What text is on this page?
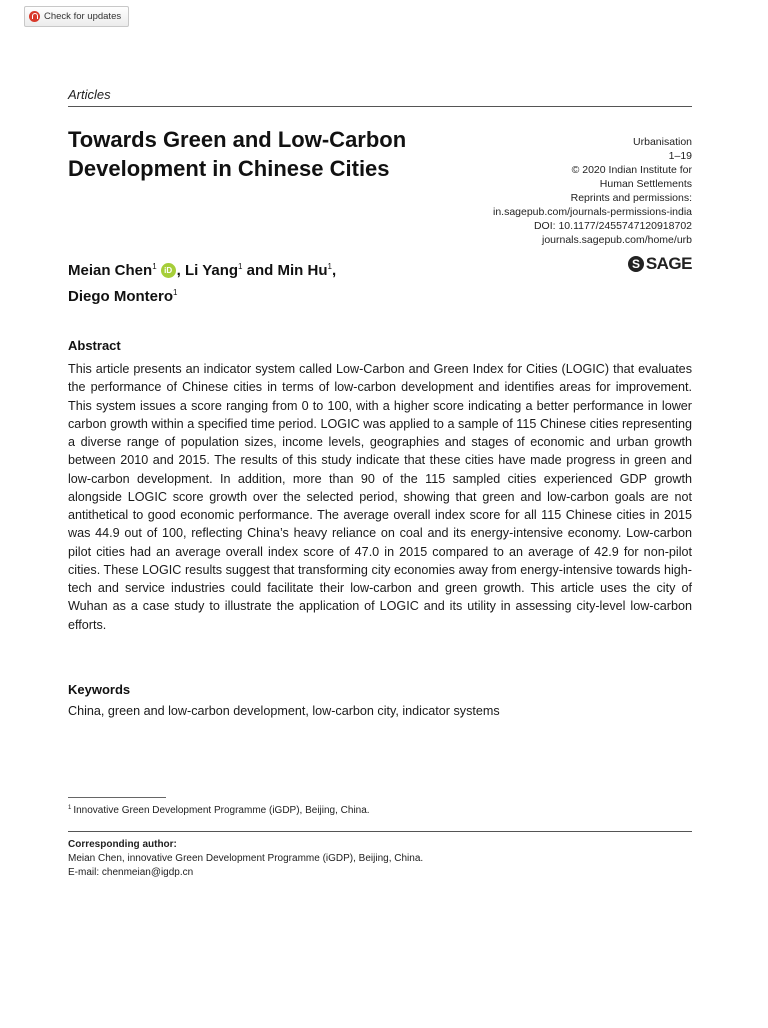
Check for updates
Articles
Towards Green and Low-Carbon Development in Chinese Cities
Urbanisation
1–19
© 2020 Indian Institute for
Human Settlements
Reprints and permissions:
in.sagepub.com/journals-permissions-india
DOI: 10.1177/2455747120918702
journals.sagepub.com/home/urb
Meian Chen$^1$ iD , Li Yang$^1$ and Min Hu$^1$,
Diego Montero$^1$
S SAGE
Abstract

This article presents an indicator system called Low-Carbon and Green Index for Cities (LOGIC) that evaluates the performance of Chinese cities in terms of low-carbon development and identifies areas for improvement. This system issues a score ranging from 0 to 100, with a higher score indicating a better performance in lower carbon growth within a specified time period. LOGIC was applied to a sample of 115 Chinese cities representing a diverse range of population sizes, income levels, geographies and stages of economic and urban growth between 2010 and 2015. The results of this study indicate that these cities have made progress in green and low-carbon development. In addition, more than 90 of the 115 sampled cities experienced GDP growth alongside LOGIC score growth over the selected period, showing that green and low-carbon goals are not antithetical to good economic performance. The average overall index score for all 115 Chinese cities in 2015 was 44.9 out of 100, reflecting China’s heavy reliance on coal and its energy-intensive economy. Low-carbon pilot cities had an average overall index score of 47.0 in 2015 compared to an average of 42.9 for non-pilot cities. These LOGIC results suggest that transforming city economies away from energy-intensive towards high-tech and service industries could facilitate their low-carbon and green growth. This article uses the city of Wuhan as a case study to illustrate the application of LOGIC and its utility in assessing city-level low-carbon efforts.

Keywords

China, green and low-carbon development, low-carbon city, indicator systems

$^1$ Innovative Green Development Programme (iGDP), Beijing, China.
Corresponding author:
Meian Chen, innovative Green Development Programme (iGDP), Beijing, China.
E-mail: chenmeian@igdp.cn
